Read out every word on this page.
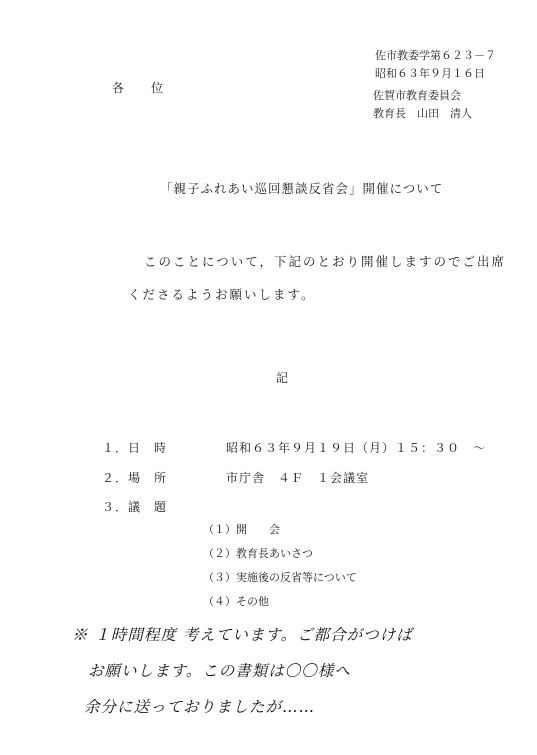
佐市教委学第６２３－７
昭和６３年９月１６日
各　　位
佐賀市教育委員会
教育長　山田　清人
「親子ふれあい巡回懇談反省会」開催について
このことについて，下記のとおり開催しますのでご出席
くださるようお願いします。
記
１．日　時	昭和６３年９月１９日（月）１５：３０　～
２．場　所	市庁舎　４Ｆ　１会議室
３．議　題
（１）開　　会
（２）教育長あいさつ
（３）実施後の反省等について
（４）その他
※ １時間程度 考えています。ご都合がつけば
お願いします。この書類は〇〇様へ
余分に送っておりましたが……
